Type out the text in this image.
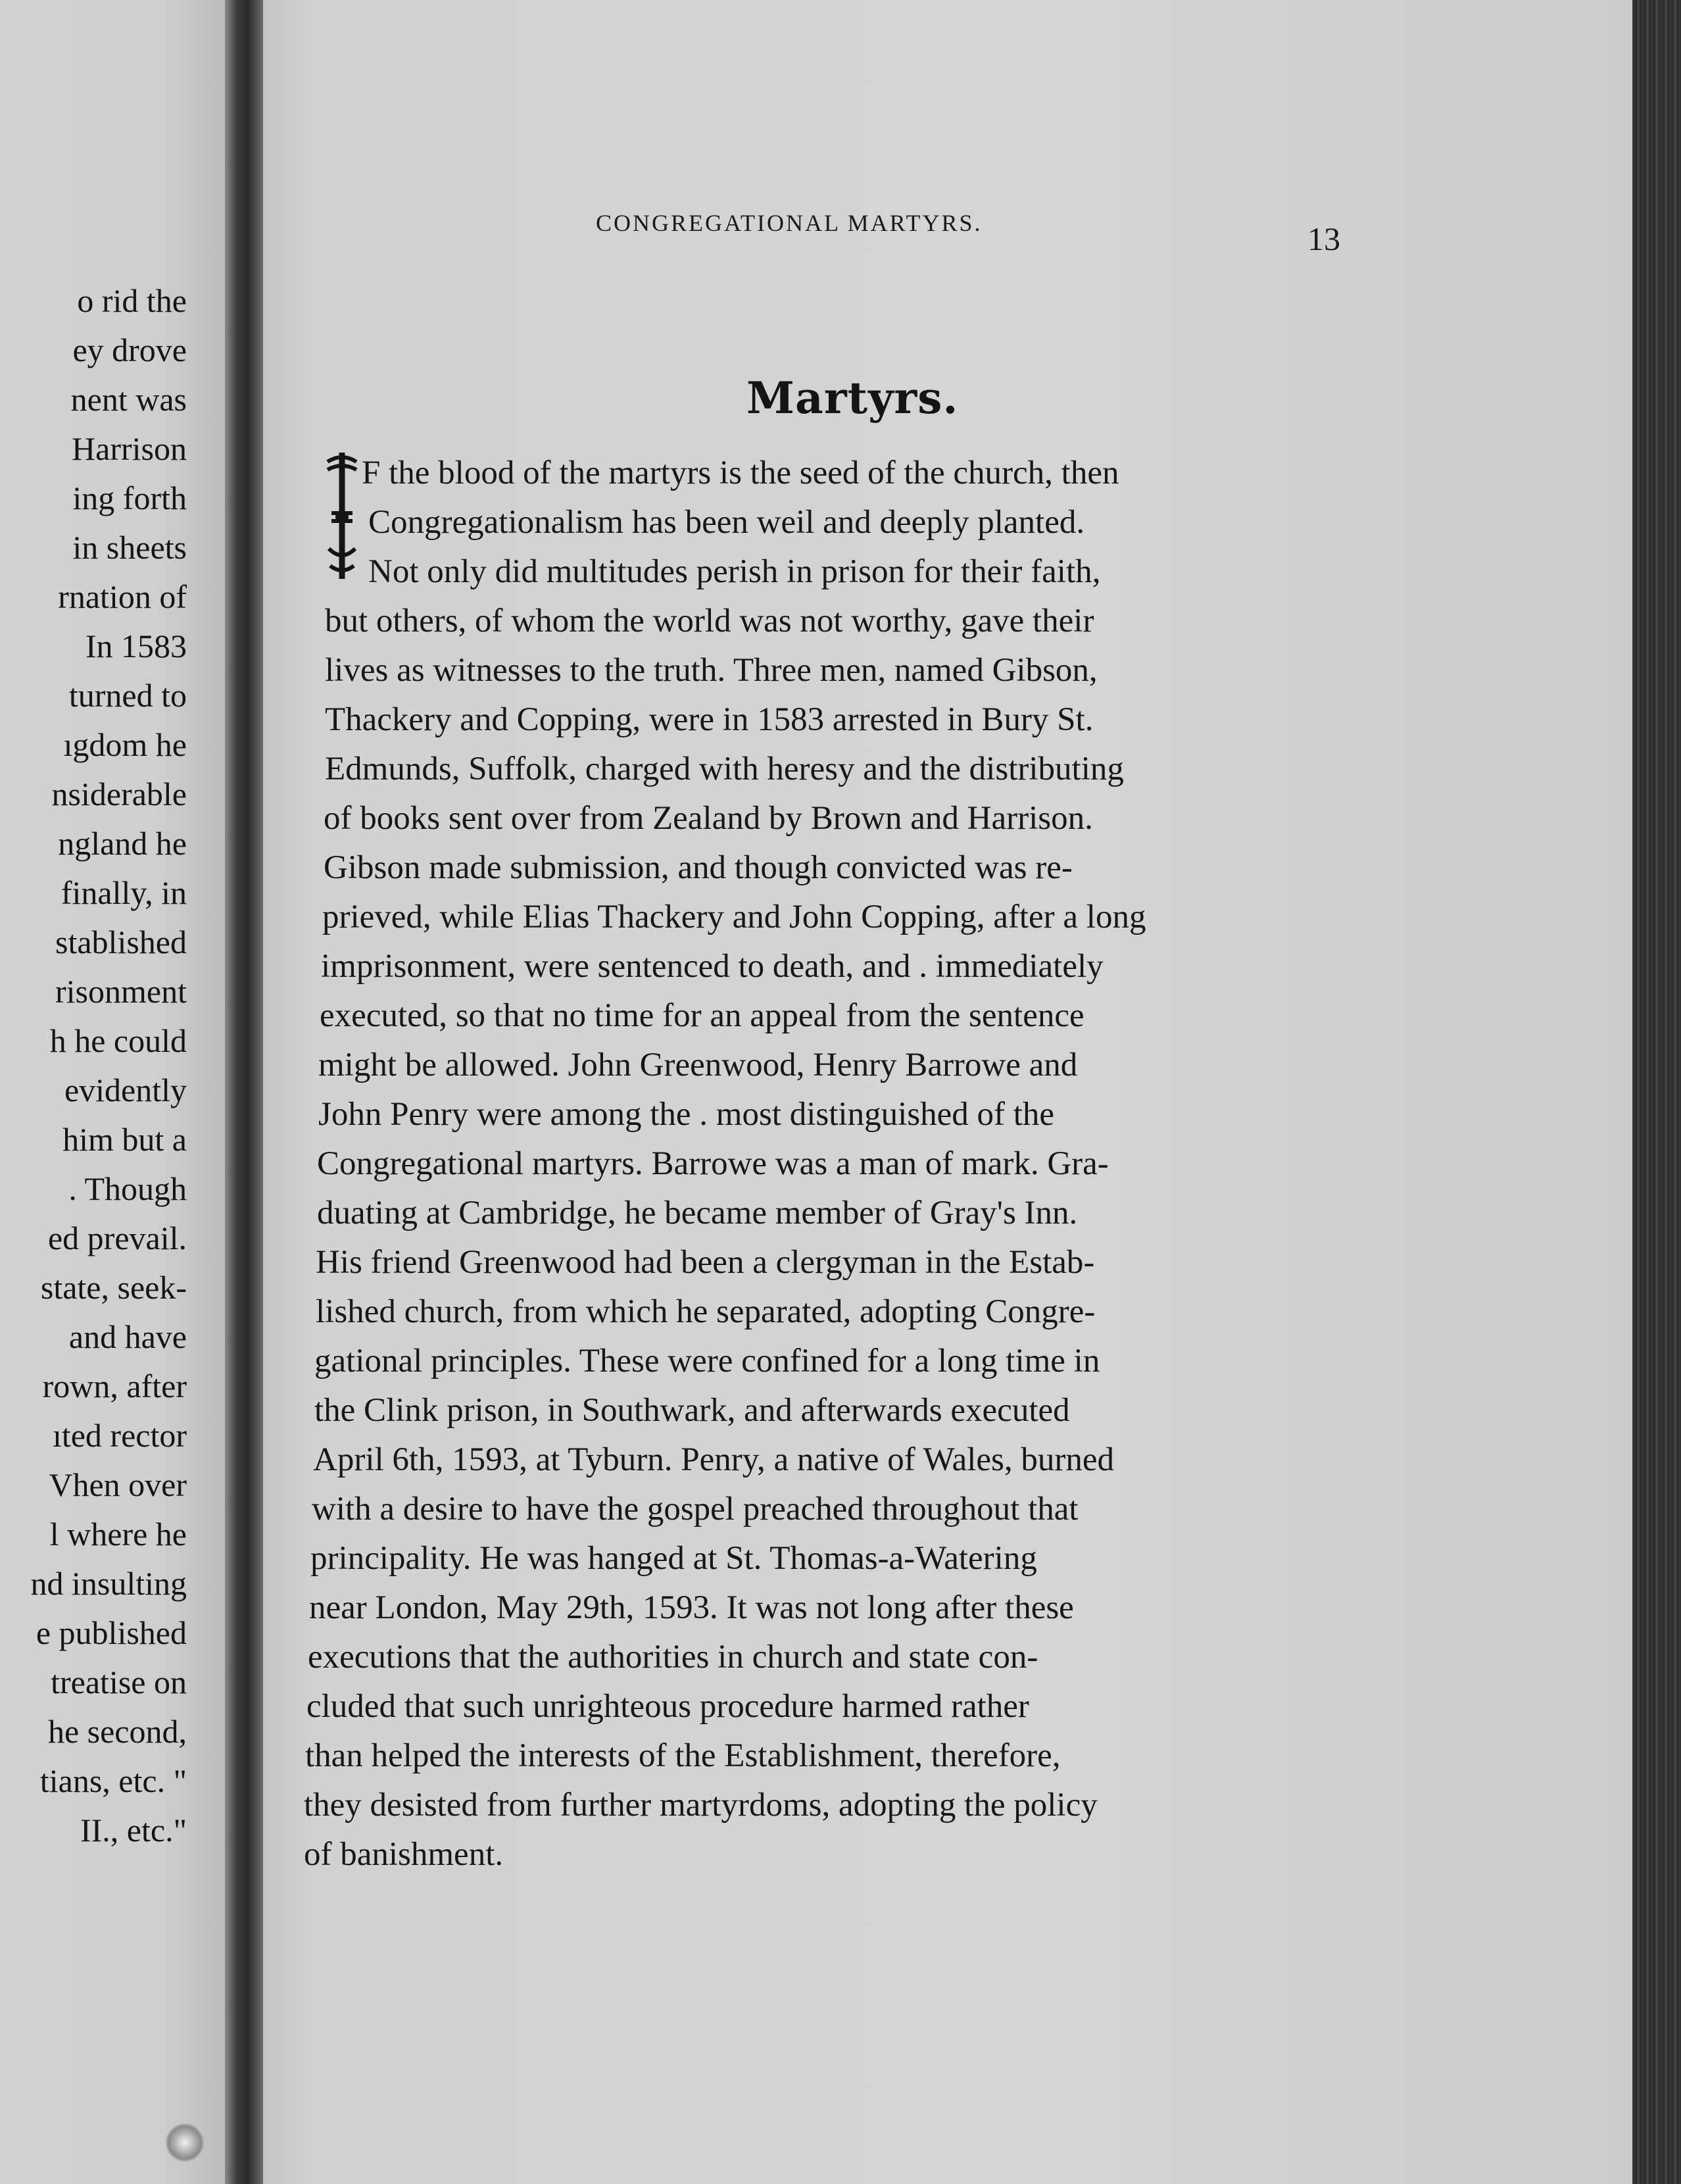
o rid the
ey drove
nent was
Harrison
ing forth
in sheets
rnation of
In 1583
turned to
ıgdom he
nsiderable
ngland he
finally, in
stablished
risonment
h he could
evidently
him but a
. Though
ed prevail.
state, seek-
and have
rown, after
ıted rector
Vhen over
l where he
nd insulting
e published
treatise on
he second,
tians, etc. "
II., etc."
CONGREGATIONAL MARTYRS.	13
Martyrs.
F the blood of the martyrs is the seed of the church, then
Congregationalism has been weil and deeply planted.
Not only did multitudes perish in prison for their faith,
but others, of whom the world was not worthy, gave their
lives as witnesses to the truth. Three men, named Gibson,
Thackery and Copping, were in 1583 arrested in Bury St.
Edmunds, Suffolk, charged with heresy and the distributing
of books sent over from Zealand by Brown and Harrison.
Gibson made submission, and though convicted was re-
prieved, while Elias Thackery and John Copping, after a long
imprisonment, were sentenced to death, and . immediately
executed, so that no time for an appeal from the sentence
might be allowed. John Greenwood, Henry Barrowe and
John Penry were among the . most distinguished of the
Congregational martyrs. Barrowe was a man of mark. Gra-
duating at Cambridge, he became member of Gray's Inn.
His friend Greenwood had been a clergyman in the Estab-
lished church, from which he separated, adopting Congre-
gational principles. These were confined for a long time in
the Clink prison, in Southwark, and afterwards executed
April 6th, 1593, at Tyburn. Penry, a native of Wales, burned
with a desire to have the gospel preached throughout that
principality. He was hanged at St. Thomas-a-Watering
near London, May 29th, 1593. It was not long after these
executions that the authorities in church and state con-
cluded that such unrighteous procedure harmed rather
than helped the interests of the Establishment, therefore,
they desisted from further martyrdoms, adopting the policy
of banishment.
